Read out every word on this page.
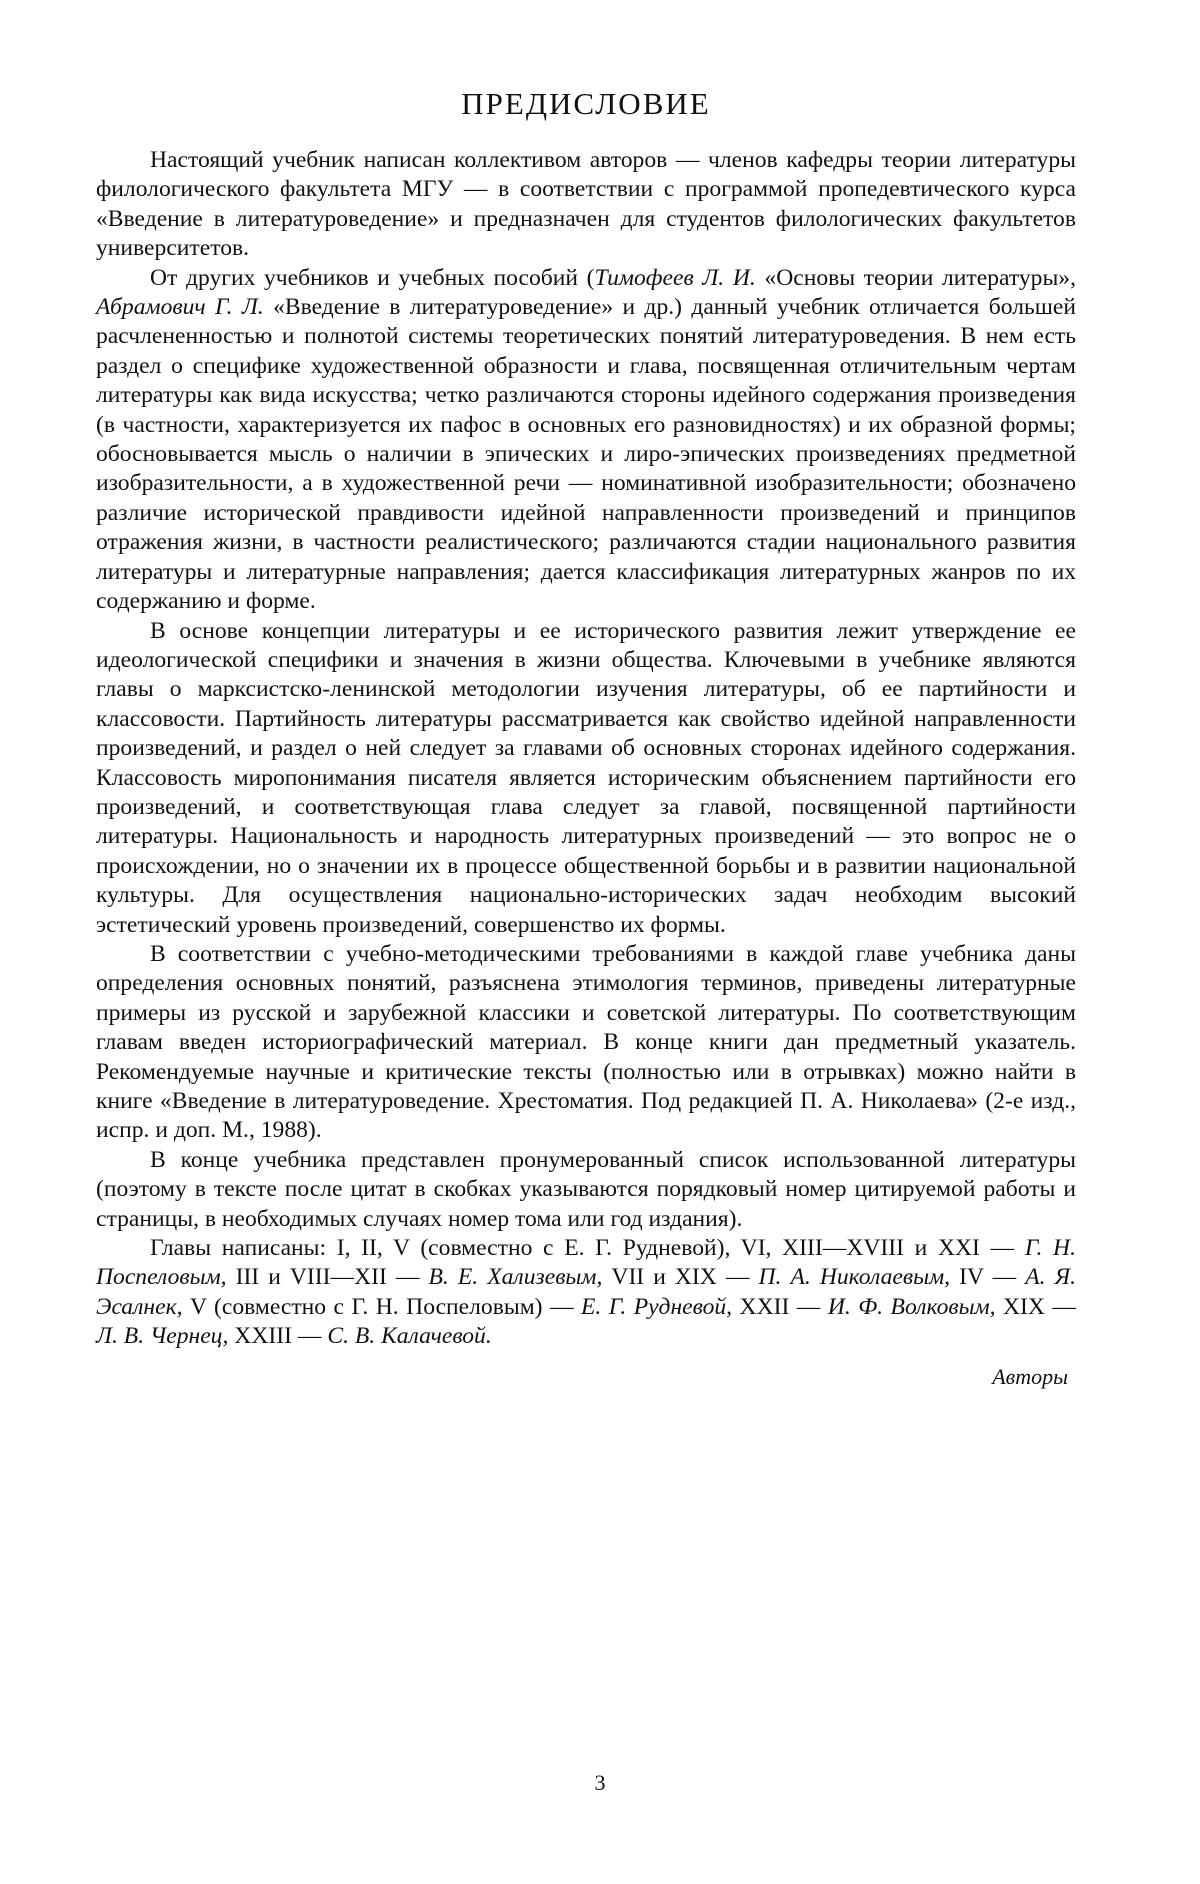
ПРЕДИСЛОВИЕ

Настоящий учебник написан коллективом авторов — членов кафедры теории литературы филологического факультета МГУ — в соответствии с программой пропедевтического курса «Введение в литературоведение» и предназначен для студентов филологических факультетов университетов.

От других учебников и учебных пособий (Тимофеев Л. И. «Основы теории литературы», Абрамович Г. Л. «Введение в литературоведение» и др.) данный учебник отличается большей расчлененностью и полнотой системы теоретических понятий литературоведения. В нем есть раздел о специфике художественной образности и глава, посвященная отличительным чертам литературы как вида искусства; четко различаются стороны идейного содержания произведения (в частности, характеризуется их пафос в основных его разновидностях) и их образной формы; обосновывается мысль о наличии в эпических и лиро-эпических произведениях предметной изобразительности, а в художественной речи — номинативной изобразительности; обозначено различие исторической правдивости идейной направленности произведений и принципов отражения жизни, в частности реалистического; различаются стадии национального развития литературы и литературные направления; дается классификация литературных жанров по их содержанию и форме.

В основе концепции литературы и ее исторического развития лежит утверждение ее идеологической специфики и значения в жизни общества. Ключевыми в учебнике являются главы о марксистско-ленинской методологии изучения литературы, об ее партийности и классовости. Партийность литературы рассматривается как свойство идейной направленности произведений, и раздел о ней следует за главами об основных сторонах идейного содержания. Классовость миропонимания писателя является историческим объяснением партийности его произведений, и соответствующая глава следует за главой, посвященной партийности литературы. Национальность и народность литературных произведений — это вопрос не о происхождении, но о значении их в процессе общественной борьбы и в развитии национальной культуры. Для осуществления национально-исторических задач необходим высокий эстетический уровень произведений, совершенство их формы.

В соответствии с учебно-методическими требованиями в каждой главе учебника даны определения основных понятий, разъяснена этимология терминов, приведены литературные примеры из русской и зарубежной классики и советской литературы. По соответствующим главам введен историографический материал. В конце книги дан предметный указатель. Рекомендуемые научные и критические тексты (полностью или в отрывках) можно найти в книге «Введение в литературоведение. Хрестоматия. Под редакцией П. А. Николаева» (2-е изд., испр. и доп. М., 1988).

В конце учебника представлен пронумерованный список использованной литературы (поэтому в тексте после цитат в скобках указываются порядковый номер цитируемой работы и страницы, в необходимых случаях номер тома или год издания).

Главы написаны: I, II, V (совместно с Е. Г. Рудневой), VI, XIII—XVIII и XXI — Г. Н. Поспеловым, III и VIII—XII — В. Е. Хализевым, VII и XIX — П. А. Николаевым, IV — А. Я. Эсалнек, V (совместно с Г. Н. Поспеловым) — Е. Г. Рудневой, XXII — И. Ф. Волковым, XIX — Л. В. Чернец, XXIII — С. В. Калачевой.

Авторы
3
